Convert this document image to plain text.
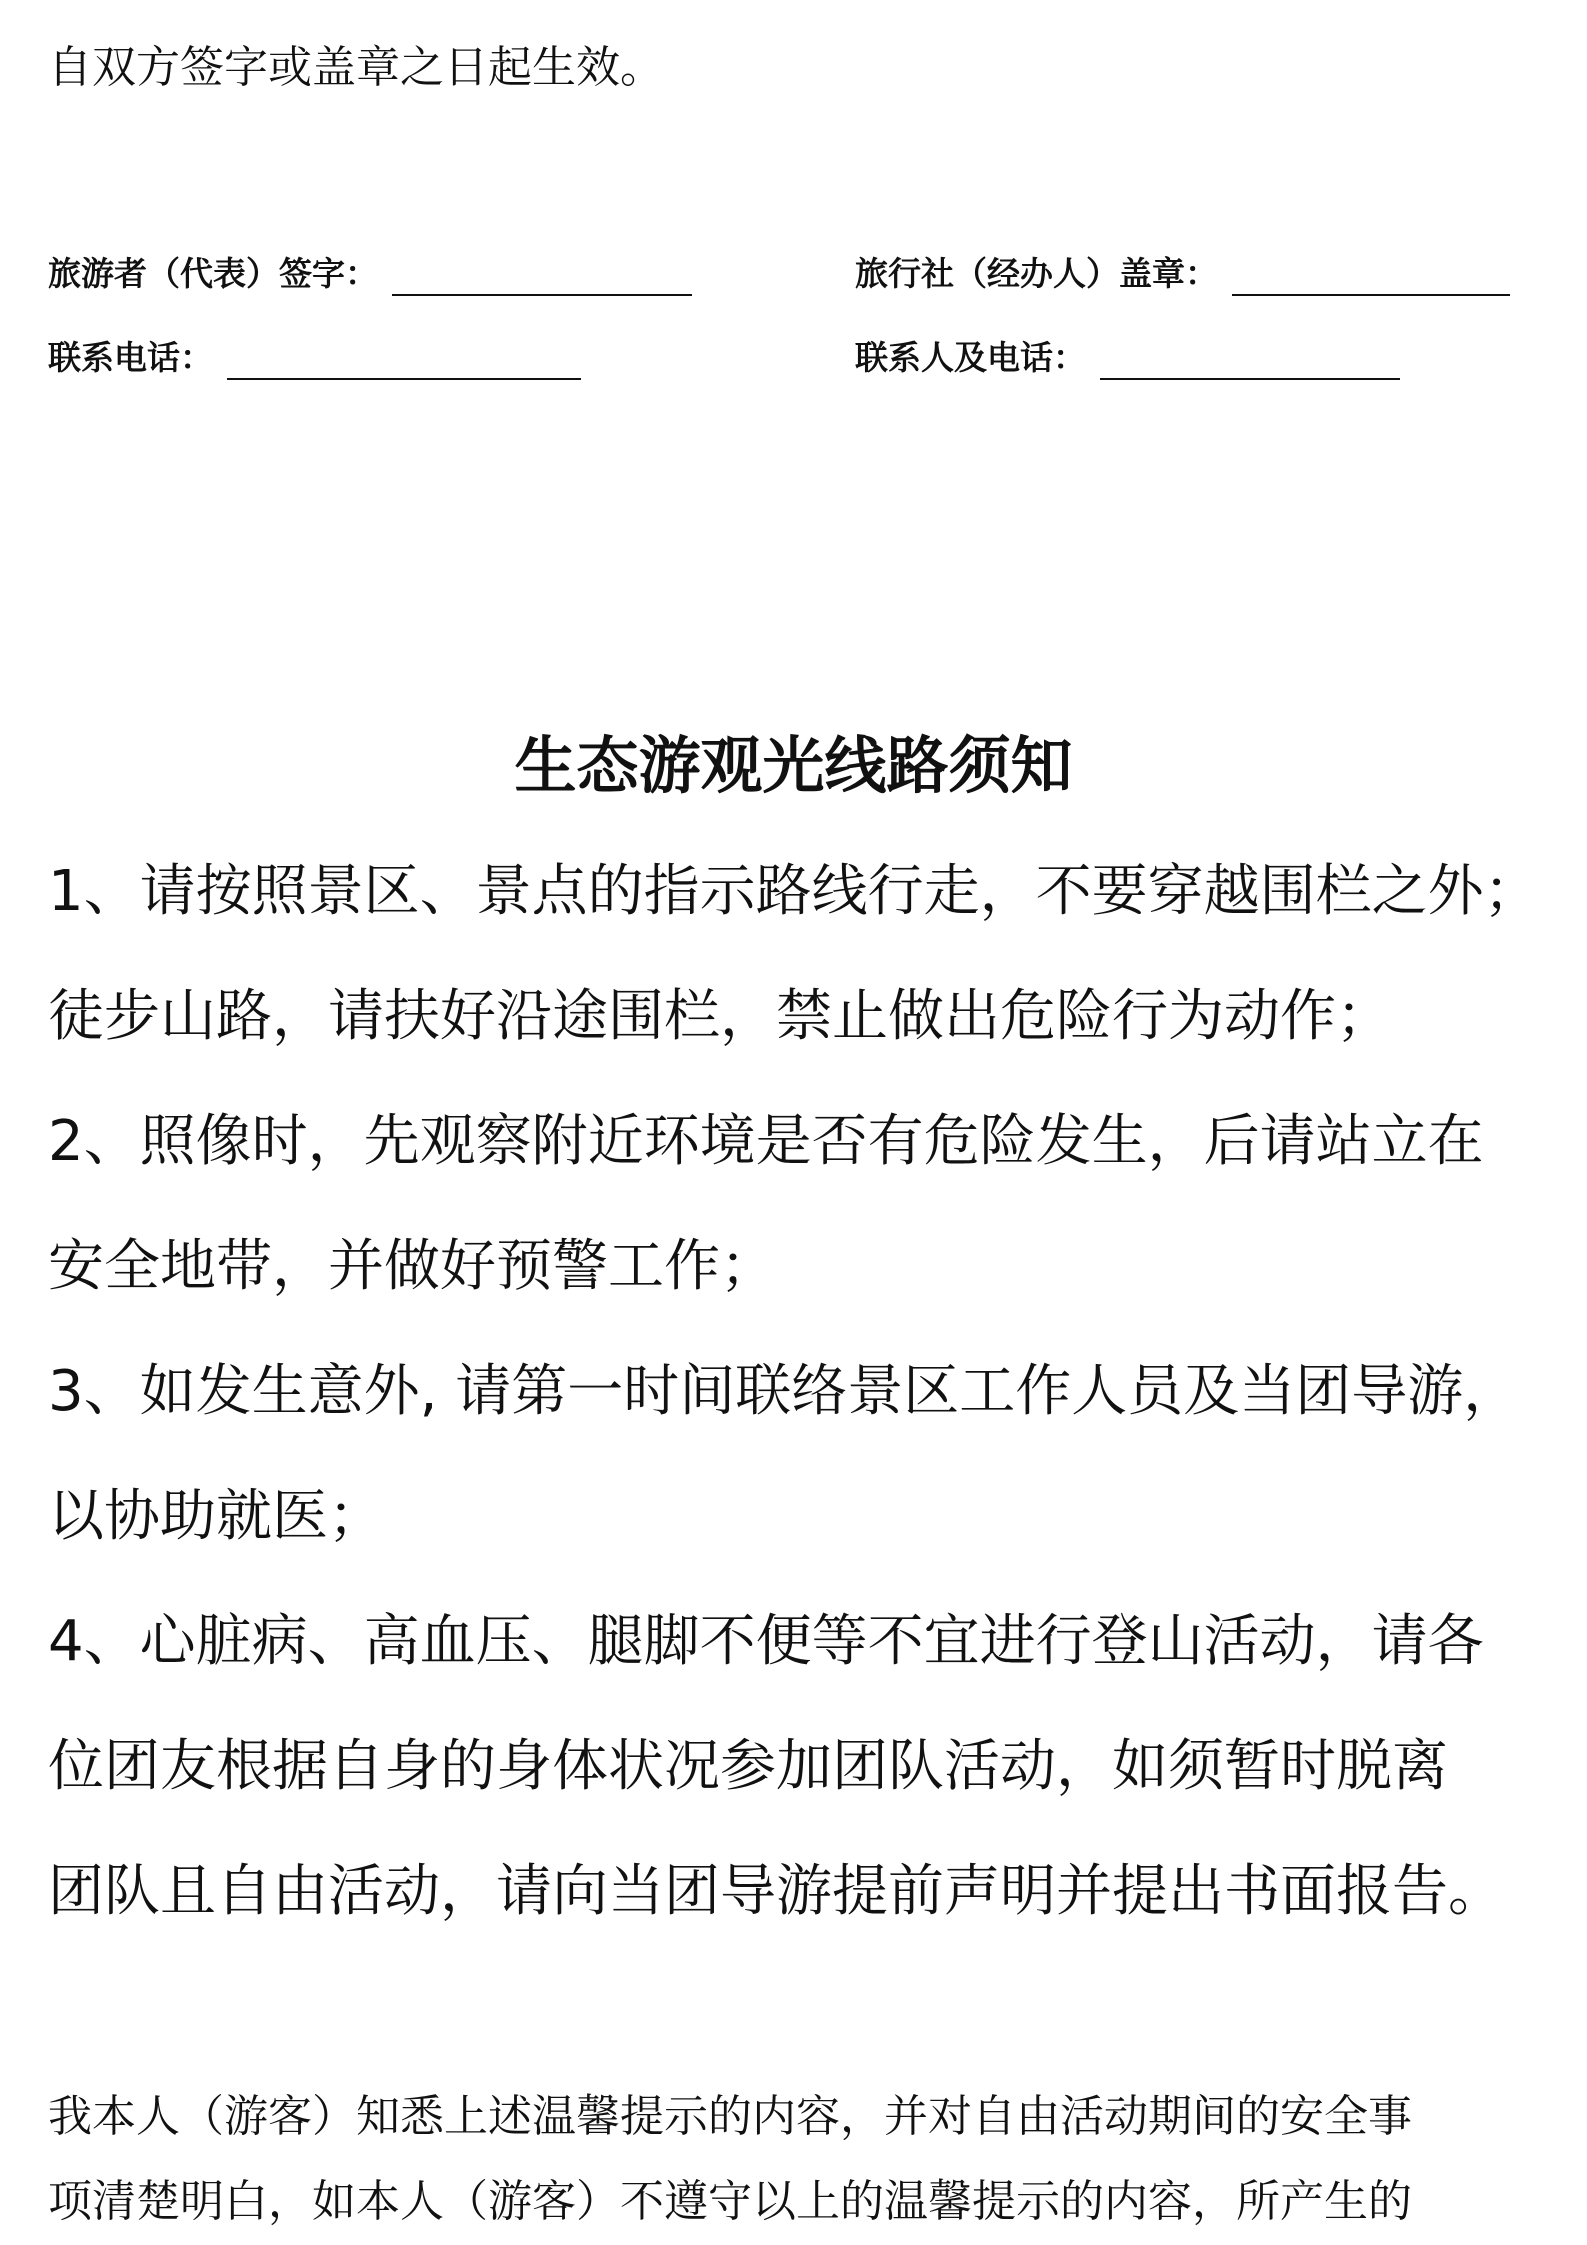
自双方签字或盖章之日起生效。
旅游者（代表）签字：	旅行社（经办人）盖章：
联系电话：	联系人及电话：
生态游观光线路须知
1、请按照景区、景点的指示路线行走，不要穿越围栏之外；
徒步山路，请扶好沿途围栏，禁止做出危险行为动作；
2、照像时，先观察附近环境是否有危险发生，后请站立在
安全地带，并做好预警工作；
3、如发生意外, 请第一时间联络景区工作人员及当团导游，
以协助就医；
4、心脏病、高血压、腿脚不便等不宜进行登山活动，请各
位团友根据自身的身体状况参加团队活动，如须暂时脱离
团队且自由活动，请向当团导游提前声明并提出书面报告。
我本人（游客）知悉上述温馨提示的内容，并对自由活动期间的安全事
项清楚明白，如本人（游客）不遵守以上的温馨提示的内容，所产生的
